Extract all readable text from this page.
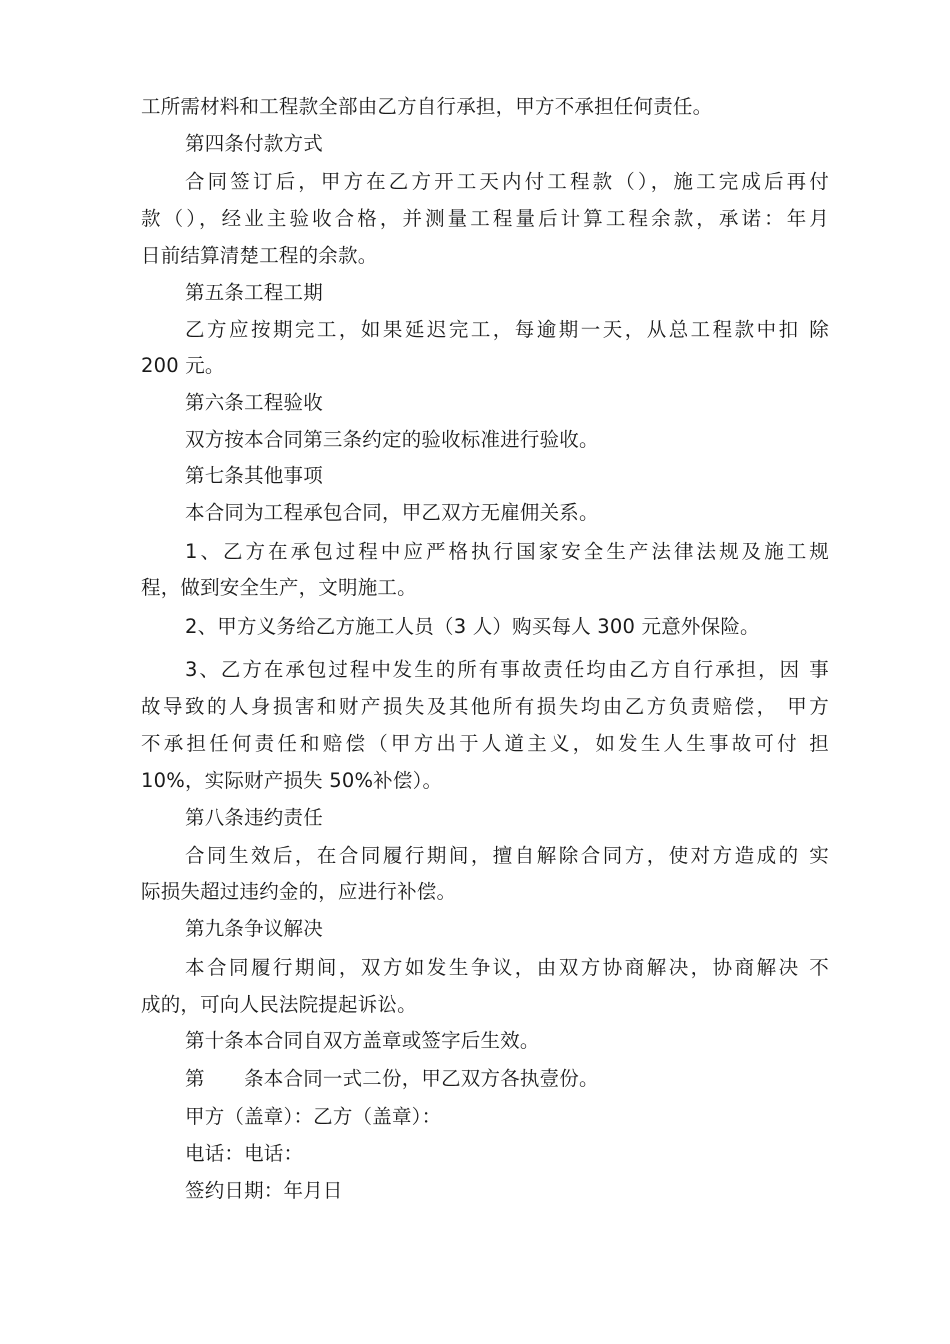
工所需材料和工程款全部由乙方自行承担，甲方不承担任何责任。
第四条付款方式
合同签订后，甲方在乙方开工天内付工程款（），施工完成后再付
款（），经业主验收合格，并测量工程量后计算工程余款，承诺：年月
日前结算清楚工程的余款。
第五条工程工期
乙方应按期完工，如果延迟完工，每逾期一天，从总工程款中扣 除
200 元。
第六条工程验收
双方按本合同第三条约定的验收标准进行验收。
第七条其他事项
本合同为工程承包合同，甲乙双方无雇佣关系。
1、乙方在承包过程中应严格执行国家安全生产法律法规及施工规
程，做到安全生产，文明施工。
2、甲方义务给乙方施工人员（3 人）购买每人 300 元意外保险。
3、乙方在承包过程中发生的所有事故责任均由乙方自行承担，因 事
故导致的人身损害和财产损失及其他所有损失均由乙方负责赔偿， 甲方
不承担任何责任和赔偿（甲方出于人道主义，如发生人生事故可付 担
10%，实际财产损失 50%补偿）。
第八条违约责任
合同生效后，在合同履行期间，擅自解除合同方，使对方造成的 实
际损失超过违约金的，应进行补偿。
第九条争议解决
本合同履行期间，双方如发生争议，由双方协商解决，协商解决 不
成的，可向人民法院提起诉讼。
第十条本合同自双方盖章或签字后生效。
第　　条本合同一式二份，甲乙双方各执壹份。
甲方（盖章）：乙方（盖章）：
电话：电话：
签约日期：年月日
